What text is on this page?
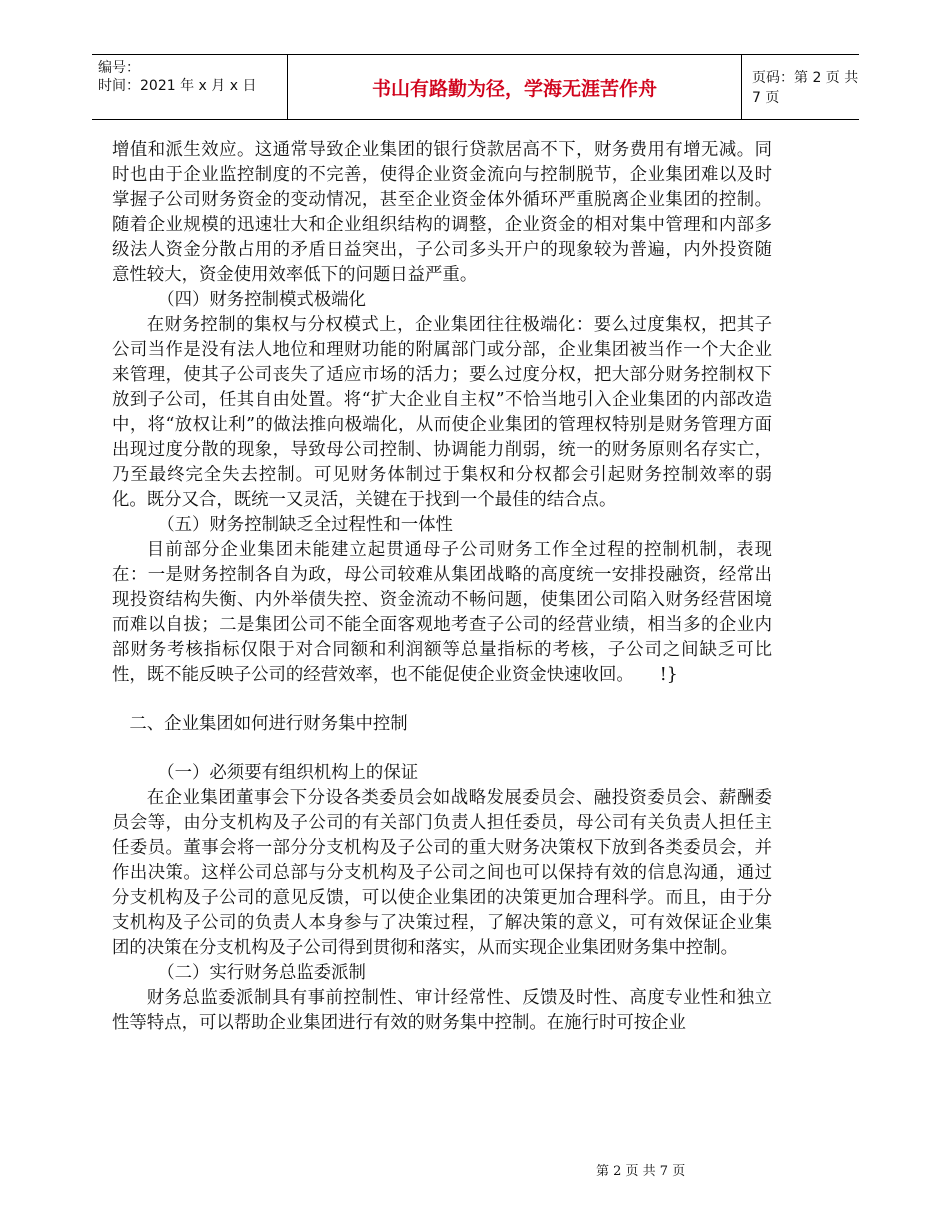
编号：
时间：2021 年 x 月 x 日	书山有路勤为径，学海无涯苦作舟	页码：第 2 页 共 7 页

增值和派生效应。这通常导致企业集团的银行贷款居高不下，财务费用有增无减。同时也由于企业监控制度的不完善，使得企业资金流向与控制脱节，企业集团难以及时掌握子公司财务资金的变动情况，甚至企业资金体外循环严重脱离企业集团的控制。随着企业规模的迅速壮大和企业组织结构的调整，企业资金的相对集中管理和内部多级法人资金分散占用的矛盾日益突出，子公司多头开户的现象较为普遍，内外投资随意性较大，资金使用效率低下的问题日益严重。

（四）财务控制模式极端化

在财务控制的集权与分权模式上，企业集团往往极端化：要么过度集权，把其子公司当作是没有法人地位和理财功能的附属部门或分部，企业集团被当作一个大企业来管理，使其子公司丧失了适应市场的活力；要么过度分权，把大部分财务控制权下放到子公司，任其自由处置。将“扩大企业自主权”不恰当地引入企业集团的内部改造中，将“放权让利”的做法推向极端化，从而使企业集团的管理权特别是财务管理方面出现过度分散的现象，导致母公司控制、协调能力削弱，统一的财务原则名存实亡，乃至最终完全失去控制。可见财务体制过于集权和分权都会引起财务控制效率的弱化。既分又合，既统一又灵活，关键在于找到一个最佳的结合点。

（五）财务控制缺乏全过程性和一体性

目前部分企业集团未能建立起贯通母子公司财务工作全过程的控制机制，表现在：一是财务控制各自为政，母公司较难从集团战略的高度统一安排投融资，经常出现投资结构失衡、内外举债失控、资金流动不畅问题，使集团公司陷入财务经营困境而难以自拔；二是集团公司不能全面客观地考查子公司的经营业绩，相当多的企业内部财务考核指标仅限于对合同额和利润额等总量指标的考核，子公司之间缺乏可比性，既不能反映子公司的经营效率，也不能促使企业资金快速收回。　　!}

二、企业集团如何进行财务集中控制

（一）必须要有组织机构上的保证

在企业集团董事会下分设各类委员会如战略发展委员会、融投资委员会、薪酬委员会等，由分支机构及子公司的有关部门负责人担任委员，母公司有关负责人担任主任委员。董事会将一部分分支机构及子公司的重大财务决策权下放到各类委员会，并作出决策。这样公司总部与分支机构及子公司之间也可以保持有效的信息沟通，通过分支机构及子公司的意见反馈，可以使企业集团的决策更加合理科学。而且，由于分支机构及子公司的负责人本身参与了决策过程，了解决策的意义，可有效保证企业集团的决策在分支机构及子公司得到贯彻和落实，从而实现企业集团财务集中控制。

（二）实行财务总监委派制

财务总监委派制具有事前控制性、审计经常性、反馈及时性、高度专业性和独立性等特点，可以帮助企业集团进行有效的财务集中控制。在施行时可按企业

第 2 页 共 7 页
